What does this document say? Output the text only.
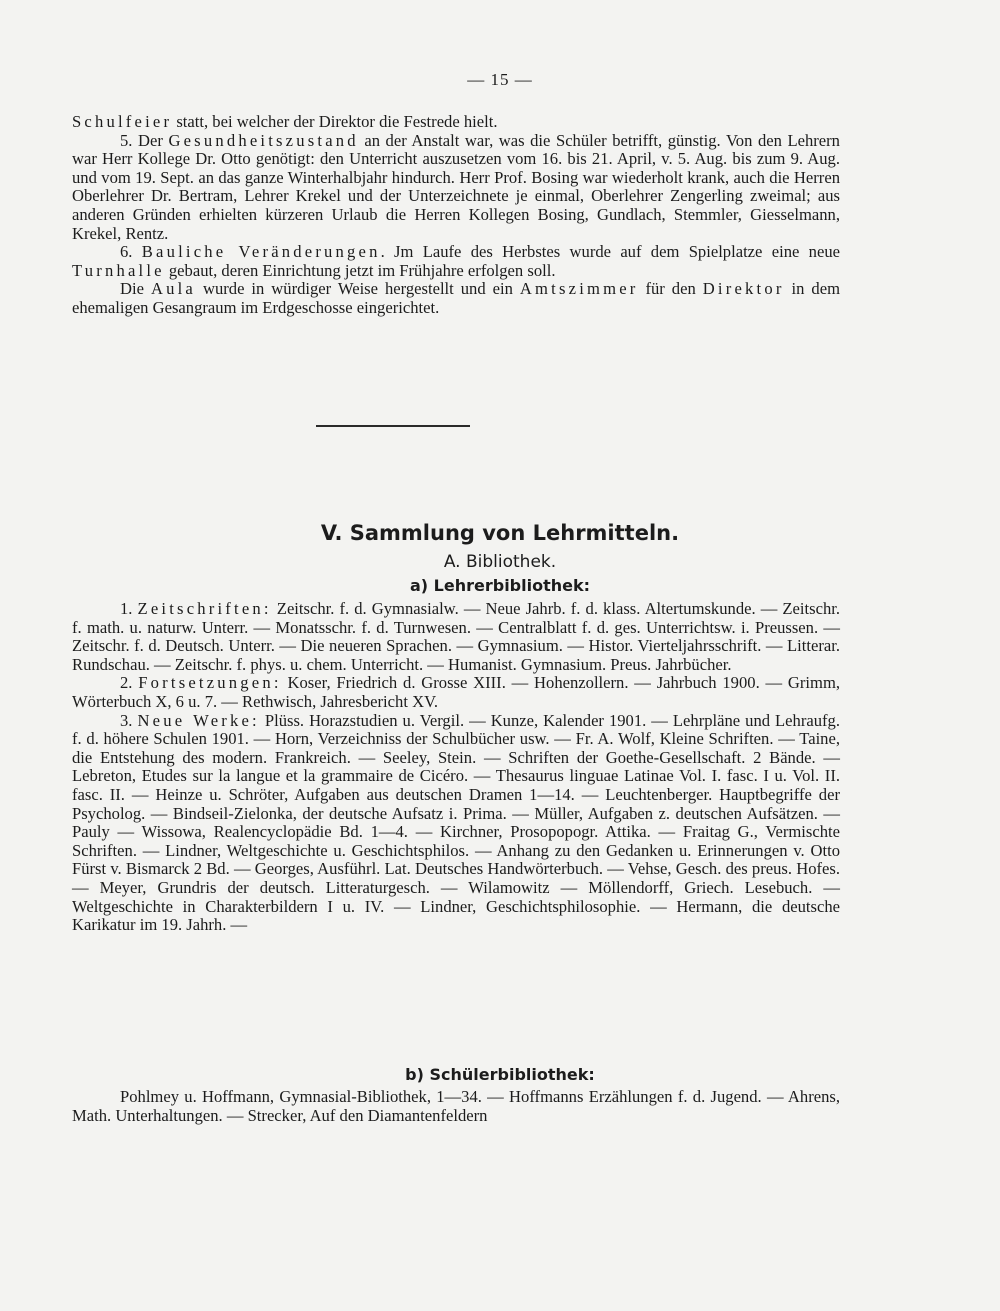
— 15 —

Schulfeier statt, bei welcher der Direktor die Festrede hielt.

5. Der Gesundheitszustand an der Anstalt war, was die Schüler betrifft, günstig. Von den Lehrern war Herr Kollege Dr. Otto genötigt: den Unterricht auszusetzen vom 16. bis 21. April, v. 5. Aug. bis zum 9. Aug. und vom 19. Sept. an das ganze Winterhalbjahr hindurch. Herr Prof. Bosing war wiederholt krank, auch die Herren Oberlehrer Dr. Bertram, Lehrer Krekel und der Unterzeichnete je einmal, Oberlehrer Zengerling zweimal; aus anderen Gründen erhielten kürzeren Urlaub die Herren Kollegen Bosing, Gundlach, Stemmler, Giesselmann, Krekel, Rentz.

6. Bauliche Veränderungen. Jm Laufe des Herbstes wurde auf dem Spielplatze eine neue Turnhalle gebaut, deren Einrichtung jetzt im Frühjahre erfolgen soll.

Die Aula wurde in würdiger Weise hergestellt und ein Amtszimmer für den Direktor in dem ehemaligen Gesangraum im Erdgeschosse eingerichtet.

V. Sammlung von Lehrmitteln.
A. Bibliothek.
a) Lehrerbibliothek:

1. Zeitschriften: Zeitschr. f. d. Gymnasialw. — Neue Jahrb. f. d. klass. Altertumskunde. — Zeitschr. f. math. u. naturw. Unterr. — Monatsschr. f. d. Turnwesen. — Centralblatt f. d. ges. Unterrichtsw. i. Preussen. — Zeitschr. f. d. Deutsch. Unterr. — Die neueren Sprachen. — Gymnasium. — Histor. Vierteljahrsschrift. — Litterar. Rundschau. — Zeitschr. f. phys. u. chem. Unterricht. — Humanist. Gymnasium. Preus. Jahrbücher.

2. Fortsetzungen: Koser, Friedrich d. Grosse XIII. — Hohenzollern. — Jahrbuch 1900. — Grimm, Wörterbuch X, 6 u. 7. — Rethwisch, Jahresbericht XV.

3. Neue Werke: Plüss. Horazstudien u. Vergil. — Kunze, Kalender 1901. — Lehrpläne und Lehraufg. f. d. höhere Schulen 1901. — Horn, Verzeichniss der Schulbücher usw. — Fr. A. Wolf, Kleine Schriften. — Taine, die Entstehung des modern. Frankreich. — Seeley, Stein. — Schriften der Goethe-Gesellschaft. 2 Bände. — Lebreton, Etudes sur la langue et la grammaire de Cicéro. — Thesaurus linguae Latinae Vol. I. fasc. I u. Vol. II. fasc. II. — Heinze u. Schröter, Aufgaben aus deutschen Dramen 1—14. — Leuchtenberger. Hauptbegriffe der Psycholog. — Bindseil-Zielonka, der deutsche Aufsatz i. Prima. — Müller, Aufgaben z. deutschen Aufsätzen. — Pauly — Wissowa, Realencyclopädie Bd. 1—4. — Kirchner, Prosopopogr. Attika. — Fraitag G., Vermischte Schriften. — Lindner, Weltgeschichte u. Geschichtsphilos. — Anhang zu den Gedanken u. Erinnerungen v. Otto Fürst v. Bismarck 2 Bd. — Georges, Ausführl. Lat. Deutsches Handwörterbuch. — Vehse, Gesch. des preus. Hofes. — Meyer, Grundris der deutsch. Litteraturgesch. — Wilamowitz — Möllendorff, Griech. Lesebuch. — Weltgeschichte in Charakterbildern I u. IV. — Lindner, Geschichtsphilosophie. — Hermann, die deutsche Karikatur im 19. Jahrh. —

b) Schülerbibliothek:

Pohlmey u. Hoffmann, Gymnasial-Bibliothek, 1—34. — Hoffmanns Erzählungen f. d. Jugend. — Ahrens, Math. Unterhaltungen. — Strecker, Auf den Diamantenfeldern
